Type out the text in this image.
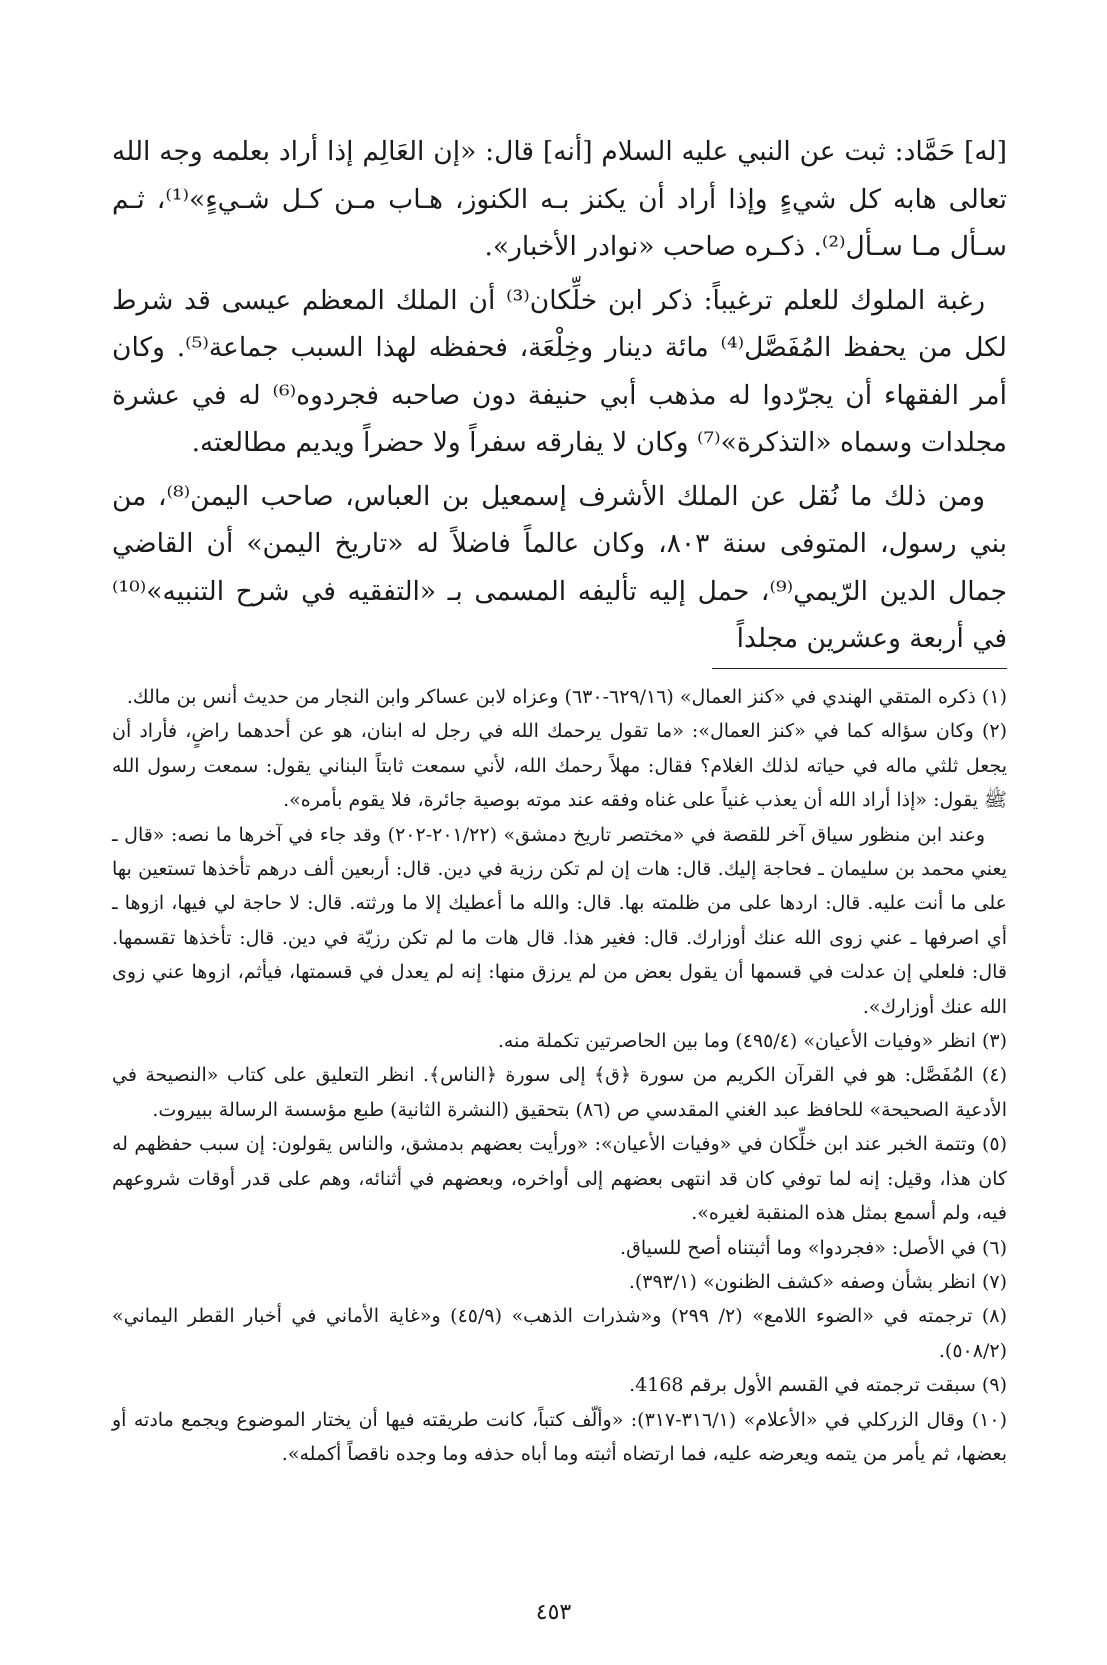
[له] حَمَّاد: ثبت عن النبي عليه السلام [أنه] قال: «إن العَالِم إذا أراد بعلمه وجه الله تعالى هابه كل شيءٍ وإذا أراد أن يكنز بـه الكنوز، هـاب مـن كـل شـيءٍ»⁽¹⁾، ثـم سـأل مـا سـأل⁽²⁾. ذكـره صاحب «نوادر الأخبار».

رغبة الملوك للعلم ترغيباً: ذكر ابن خلِّكان⁽³⁾ أن الملك المعظم عيسى قد شرط لكل من يحفظ المُفَصَّل⁽⁴⁾ مائة دينار وخِلْعَة، فحفظه لهذا السبب جماعة⁽⁵⁾. وكان أمر الفقهاء أن يجرّدوا له مذهب أبي حنيفة دون صاحبه فجردوه⁽⁶⁾ له في عشرة مجلدات وسماه «التذكرة»⁽⁷⁾ وكان لا يفارقه سفراً ولا حضراً ويديم مطالعته.

ومن ذلك ما نُقل عن الملك الأشرف إسمعيل بن العباس، صاحب اليمن⁽⁸⁾، من بني رسول، المتوفى سنة ٨٠٣، وكان عالماً فاضلاً له «تاريخ اليمن» أن القاضي جمال الدين الرّيمي⁽⁹⁾، حمل إليه تأليفه المسمى بـ «التفقيه في شرح التنبيه»⁽¹⁰⁾ في أربعة وعشرين مجلداً

(١) ذكره المتقي الهندي في «كنز العمال» (٦٢٩/١٦-٦٣٠) وعزاه لابن عساكر وابن النجار من حديث أنس بن مالك.

(٢) وكان سؤاله كما في «كنز العمال»: «ما تقول يرحمك الله في رجل له ابنان، هو عن أحدهما راضٍ، فأراد أن يجعل ثلثي ماله في حياته لذلك الغلام؟ فقال: مهلاً رحمك الله، لأني سمعت ثابتاً البناني يقول: سمعت رسول الله ﷺ يقول: «إذا أراد الله أن يعذب غنياً على غناه وفقه عند موته بوصية جائرة، فلا يقوم بأمره».

وعند ابن منظور سياق آخر للقصة في «مختصر تاريخ دمشق» (٢٠١/٢٢-٢٠٢) وقد جاء في آخرها ما نصه: «قال ـ يعني محمد بن سليمان ـ فحاجة إليك. قال: هات إن لم تكن رزية في دين. قال: أربعين ألف درهم تأخذها تستعين بها على ما أنت عليه. قال: اردها على من ظلمته بها. قال: والله ما أعطيك إلا ما ورثته. قال: لا حاجة لي فيها، ازوها ـ أي اصرفها ـ عني زوى الله عنك أوزارك. قال: فغير هذا. قال هات ما لم تكن رزيّة في دين. قال: تأخذها تقسمها. قال: فلعلي إن عدلت في قسمها أن يقول بعض من لم يرزق منها: إنه لم يعدل في قسمتها، فيأثم، ازوها عني زوى الله عنك أوزارك».

(٣) انظر «وفيات الأعيان» (٤٩٥/٤) وما بين الحاصرتين تكملة منه.

(٤) المُفَصَّل: هو في القرآن الكريم من سورة ﴿ق﴾ إلى سورة ﴿الناس﴾. انظر التعليق على كتاب «النصيحة في الأدعية الصحيحة» للحافظ عبد الغني المقدسي ص (٨٦) بتحقيق (النشرة الثانية) طبع مؤسسة الرسالة ببيروت.

(٥) وتتمة الخبر عند ابن خلِّكان في «وفيات الأعيان»: «ورأيت بعضهم بدمشق، والناس يقولون: إن سبب حفظهم له كان هذا، وقيل: إنه لما توفي كان قد انتهى بعضهم إلى أواخره، وبعضهم في أثنائه، وهم على قدر أوقات شروعهم فيه، ولم أسمع بمثل هذه المنقبة لغيره».

(٦) في الأصل: «فجردوا» وما أثبتناه أصح للسياق.

(٧) انظر بشأن وصفه «كشف الظنون» (٣٩٣/١).

(٨) ترجمته في «الضوء اللامع» (٢/ ٢٩٩) و«شذرات الذهب» (٤٥/٩) و«غاية الأماني في أخبار القطر اليماني» (٥٠٨/٢).

(٩) سبقت ترجمته في القسم الأول برقم 4168.

(١٠) وقال الزركلي في «الأعلام» (٣١٦/١-٣١٧): «وألّف كتباً، كانت طريقته فيها أن يختار الموضوع ويجمع مادته أو بعضها، ثم يأمر من يتمه ويعرضه عليه، فما ارتضاه أثبته وما أباه حذفه وما وجده ناقصاً أكمله».

٤٥٣
